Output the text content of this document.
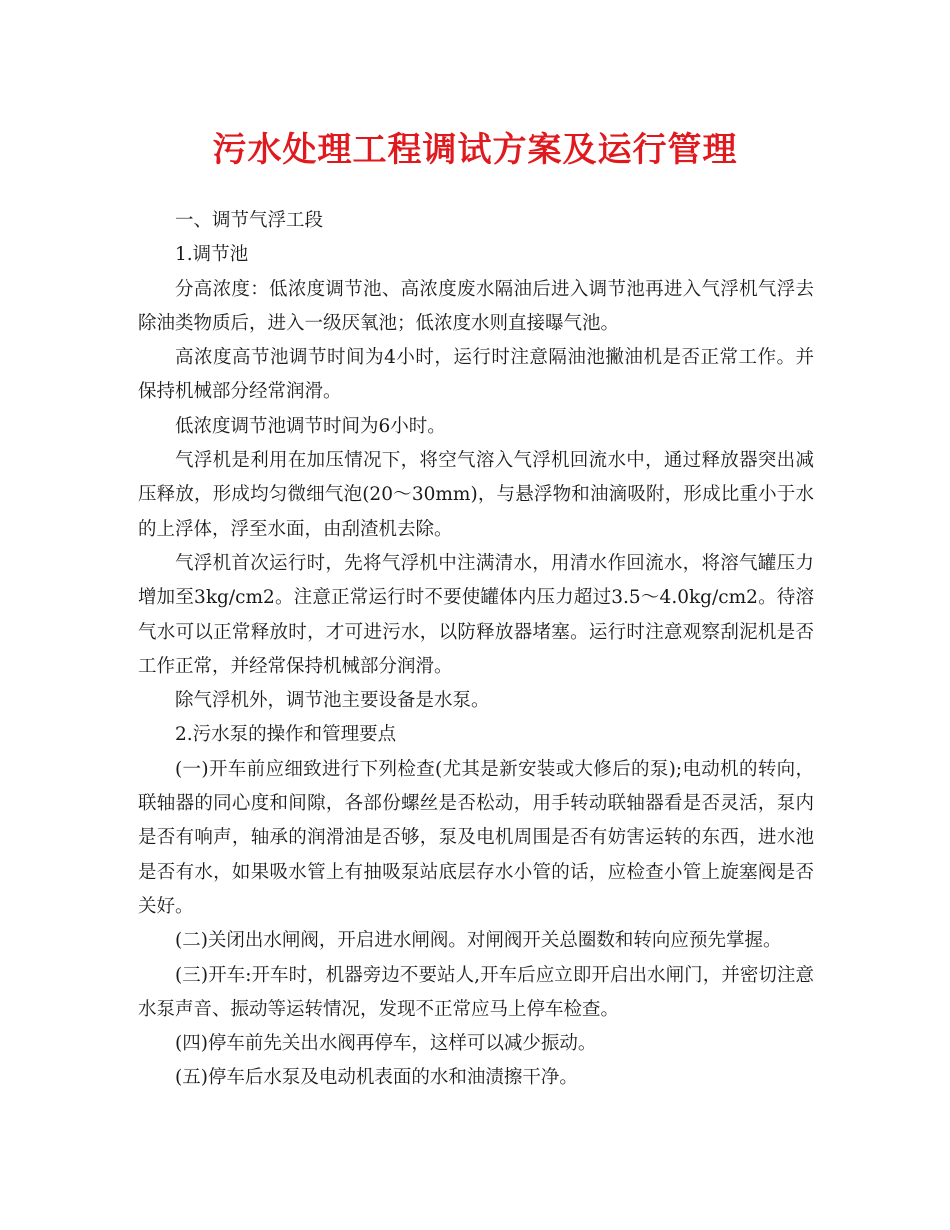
污水处理工程调试方案及运行管理

一、调节气浮工段

1.调节池

分高浓度：低浓度调节池、高浓度废水隔油后进入调节池再进入气浮机气浮去除油类物质后，进入一级厌氧池；低浓度水则直接曝气池。

高浓度高节池调节时间为4小时，运行时注意隔油池撇油机是否正常工作。并保持机械部分经常润滑。

低浓度调节池调节时间为6小时。

气浮机是利用在加压情况下，将空气溶入气浮机回流水中，通过释放器突出减压释放，形成均匀微细气泡(20～30mm)，与悬浮物和油滴吸附，形成比重小于水的上浮体，浮至水面，由刮渣机去除。

气浮机首次运行时，先将气浮机中注满清水，用清水作回流水，将溶气罐压力增加至3kg/cm2。注意正常运行时不要使罐体内压力超过3.5～4.0kg/cm2。待溶气水可以正常释放时，才可进污水，以防释放器堵塞。运行时注意观察刮泥机是否工作正常，并经常保持机械部分润滑。

除气浮机外，调节池主要设备是水泵。

2.污水泵的操作和管理要点

(一)开车前应细致进行下列检查(尤其是新安装或大修后的泵);电动机的转向，联轴器的同心度和间隙，各部份螺丝是否松动，用手转动联轴器看是否灵活，泵内是否有响声，轴承的润滑油是否够，泵及电机周围是否有妨害运转的东西，进水池是否有水，如果吸水管上有抽吸泵站底层存水小管的话，应检查小管上旋塞阀是否关好。

(二)关闭出水闸阀，开启进水闸阀。对闸阀开关总圈数和转向应预先掌握。

(三)开车:开车时，机器旁边不要站人,开车后应立即开启出水闸门，并密切注意水泵声音、振动等运转情况，发现不正常应马上停车检查。

(四)停车前先关出水阀再停车，这样可以减少振动。

(五)停车后水泵及电动机表面的水和油渍擦干净。
